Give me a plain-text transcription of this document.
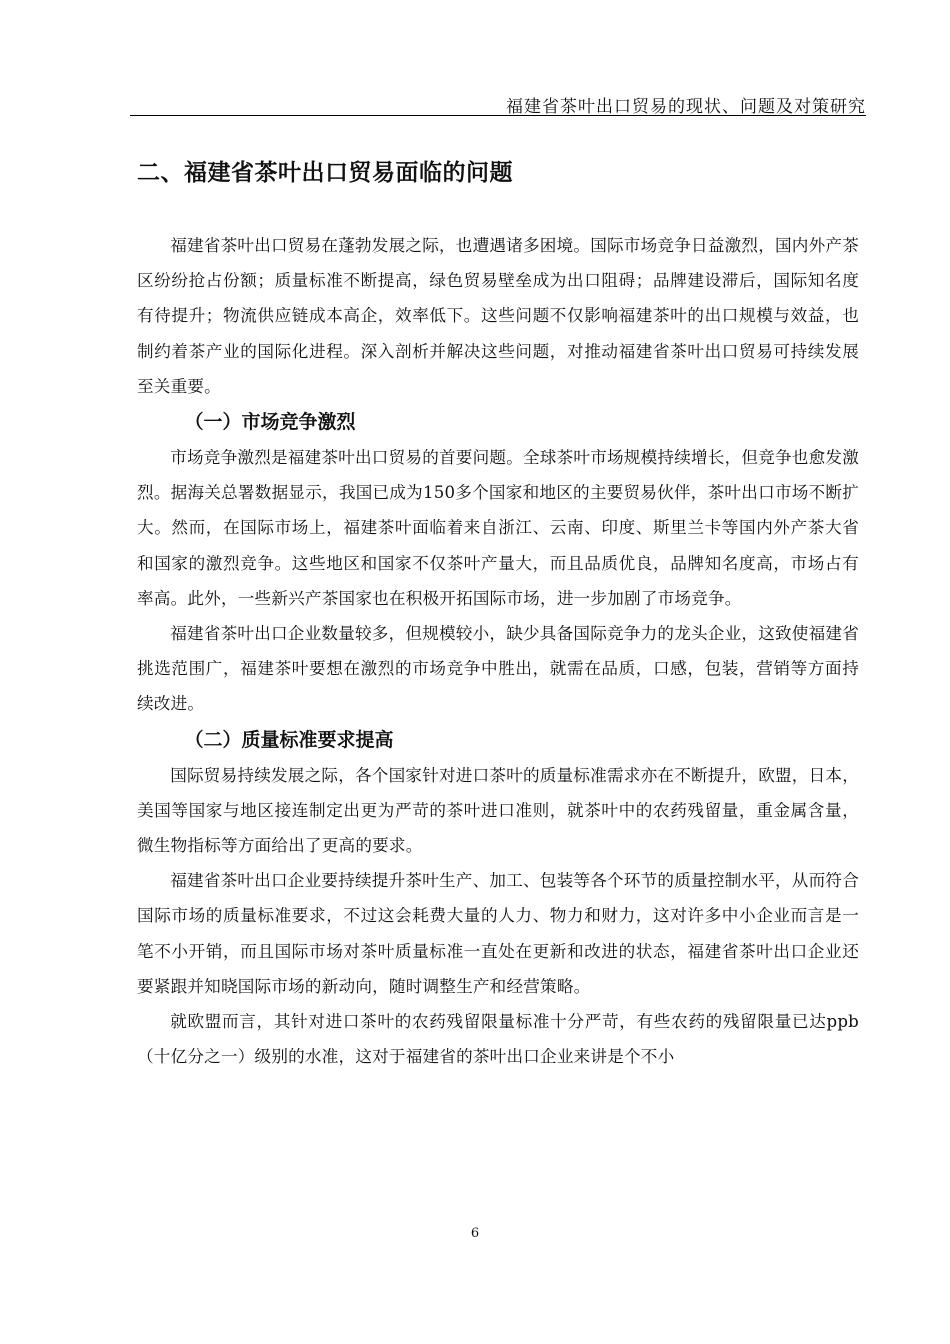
福建省茶叶出口贸易的现状、问题及对策研究
二、福建省茶叶出口贸易面临的问题

福建省茶叶出口贸易在蓬勃发展之际，也遭遇诸多困境。国际市场竞争日益激烈，国内外产茶区纷纷抢占份额；质量标准不断提高，绿色贸易壁垒成为出口阻碍；品牌建设滞后，国际知名度有待提升；物流供应链成本高企，效率低下。这些问题不仅影响福建茶叶的出口规模与效益，也制约着茶产业的国际化进程。深入剖析并解决这些问题，对推动福建省茶叶出口贸易可持续发展至关重要。

（一）市场竞争激烈

市场竞争激烈是福建茶叶出口贸易的首要问题。全球茶叶市场规模持续增长，但竞争也愈发激烈。据海关总署数据显示，我国已成为150多个国家和地区的主要贸易伙伴，茶叶出口市场不断扩大。然而，在国际市场上，福建茶叶面临着来自浙江、云南、印度、斯里兰卡等国内外产茶大省和国家的激烈竞争。这些地区和国家不仅茶叶产量大，而且品质优良，品牌知名度高，市场占有率高。此外，一些新兴产茶国家也在积极开拓国际市场，进一步加剧了市场竞争。

福建省茶叶出口企业数量较多，但规模较小，缺少具备国际竞争力的龙头企业，这致使福建省挑选范围广，福建茶叶要想在激烈的市场竞争中胜出，就需在品质，口感，包装，营销等方面持续改进。

（二）质量标准要求提高

国际贸易持续发展之际，各个国家针对进口茶叶的质量标准需求亦在不断提升，欧盟，日本，美国等国家与地区接连制定出更为严苛的茶叶进口准则，就茶叶中的农药残留量，重金属含量，微生物指标等方面给出了更高的要求。

福建省茶叶出口企业要持续提升茶叶生产、加工、包装等各个环节的质量控制水平，从而符合国际市场的质量标准要求，不过这会耗费大量的人力、物力和财力，这对许多中小企业而言是一笔不小开销，而且国际市场对茶叶质量标准一直处在更新和改进的状态，福建省茶叶出口企业还要紧跟并知晓国际市场的新动向，随时调整生产和经营策略。

就欧盟而言，其针对进口茶叶的农药残留限量标准十分严苛，有些农药的残留限量已达ppb（十亿分之一）级别的水准，这对于福建省的茶叶出口企业来讲是个不小

6
